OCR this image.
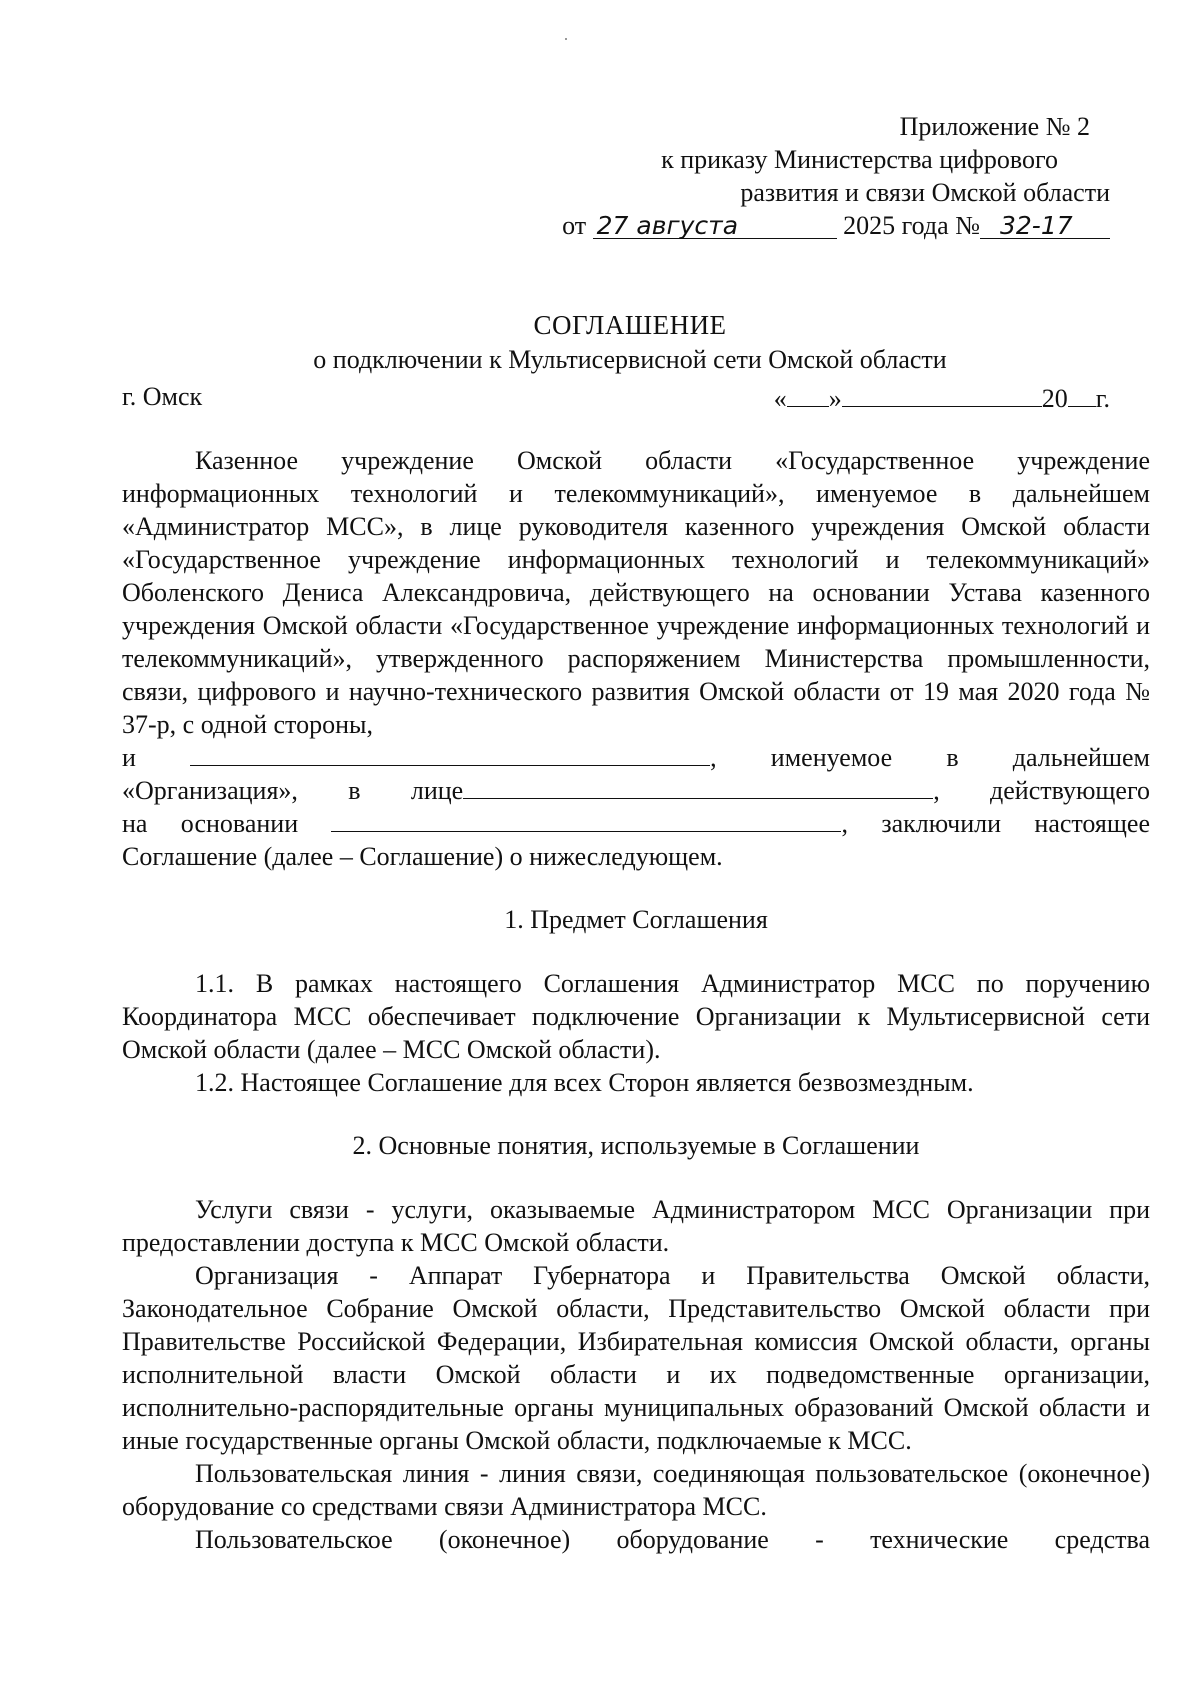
Приложение № 2
к приказу Министерства цифрового
развития и связи Омской области
от 27 августа	2025 года № 32-17
СОГЛАШЕНИЕ
о подключении к Мультисервисной сети Омской области
г. Омск	« »	20 г.

Казенное учреждение Омской области «Государственное учреждение информационных технологий и телекоммуникаций», именуемое в дальнейшем «Администратор МСС», в лице руководителя казенного учреждения Омской области «Государственное учреждение информационных технологий и телекоммуникаций» Оболенского Дениса Александровича, действующего на основании Устава казенного учреждения Омской области «Государственное учреждение информационных технологий и телекоммуникаций», утвержденного распоряжением Министерства промышленности, связи, цифрового и научно-технического развития Омской области от 19 мая 2020 года № 37-р, с одной стороны,

и	, именуемое в дальнейшем
«Организация», в лице	, действующего
на основании	, заключили настоящее
Соглашение (далее – Соглашение) о нижеследующем.

1. Предмет Соглашения

1.1. В рамках настоящего Соглашения Администратор МСС по поручению Координатора МСС обеспечивает подключение Организации к Мультисервисной сети Омской области (далее – МСС Омской области).

1.2. Настоящее Соглашение для всех Сторон является безвозмездным.

2. Основные понятия, используемые в Соглашении

Услуги связи - услуги, оказываемые Администратором МСС Организации при предоставлении доступа к МСС Омской области.

Организация - Аппарат Губернатора и Правительства Омской области, Законодательное Собрание Омской области, Представительство Омской области при Правительстве Российской Федерации, Избирательная комиссия Омской области, органы исполнительной власти Омской области и их подведомственные организации, исполнительно-распорядительные органы муниципальных образований Омской области и иные государственные органы Омской области, подключаемые к МСС.

Пользовательская линия - линия связи, соединяющая пользовательское (оконечное) оборудование со средствами связи Администратора МСС.

Пользовательское (оконечное) оборудование - технические средства
